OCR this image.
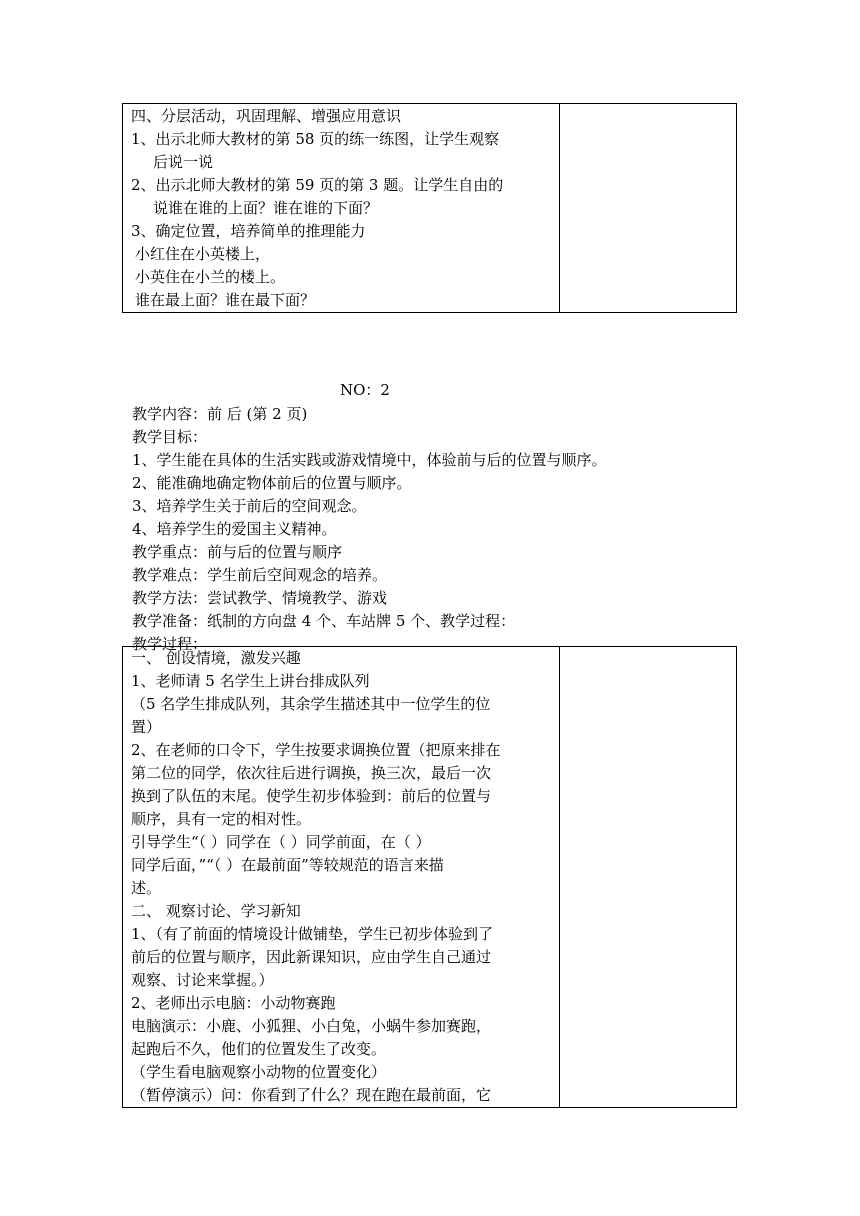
四、分层活动，巩固理解、增强应用意识
1、出示北师大教材的第 58 页的练一练图，让学生观察
后说一说
2、出示北师大教材的第 59 页的第 3 题。让学生自由的
说谁在谁的上面？谁在谁的下面？
3、确定位置，培养简单的推理能力
小红住在小英楼上，
小英住在小兰的楼上。
谁在最上面？谁在最下面？

NO：2
教学内容：前 后 (第 2 页)
教学目标：
1、学生能在具体的生活实践或游戏情境中，体验前与后的位置与顺序。
2、能准确地确定物体前后的位置与顺序。
3、培养学生关于前后的空间观念。
4、培养学生的爱国主义精神。
教学重点：前与后的位置与顺序
教学难点：学生前后空间观念的培养。
教学方法：尝试教学、情境教学、游戏
教学准备：纸制的方向盘 4 个、车站牌 5 个、教学过程：
教学过程：
一、 创设情境，激发兴趣
1、老师请 5 名学生上讲台排成队列
（5 名学生排成队列，其余学生描述其中一位学生的位
置）
2、在老师的口令下，学生按要求调换位置（把原来排在
第二位的同学，依次往后进行调换，换三次，最后一次
换到了队伍的末尾。使学生初步体验到：前后的位置与
顺序，具有一定的相对性。
引导学生“（ ）同学在（ ）同学前面，在（ ）
同学后面，”“（ ）在最前面”等较规范的语言来描
述。
二、 观察讨论、学习新知
1、（有了前面的情境设计做铺垫，学生已初步体验到了
前后的位置与顺序，因此新课知识，应由学生自己通过
观察、讨论来掌握。）
2、老师出示电脑：小动物赛跑
电脑演示：小鹿、小狐狸、小白兔，小蜗牛参加赛跑，
起跑后不久，他们的位置发生了改变。
（学生看电脑观察小动物的位置变化）
（暂停演示）问：你看到了什么？现在跑在最前面，它
